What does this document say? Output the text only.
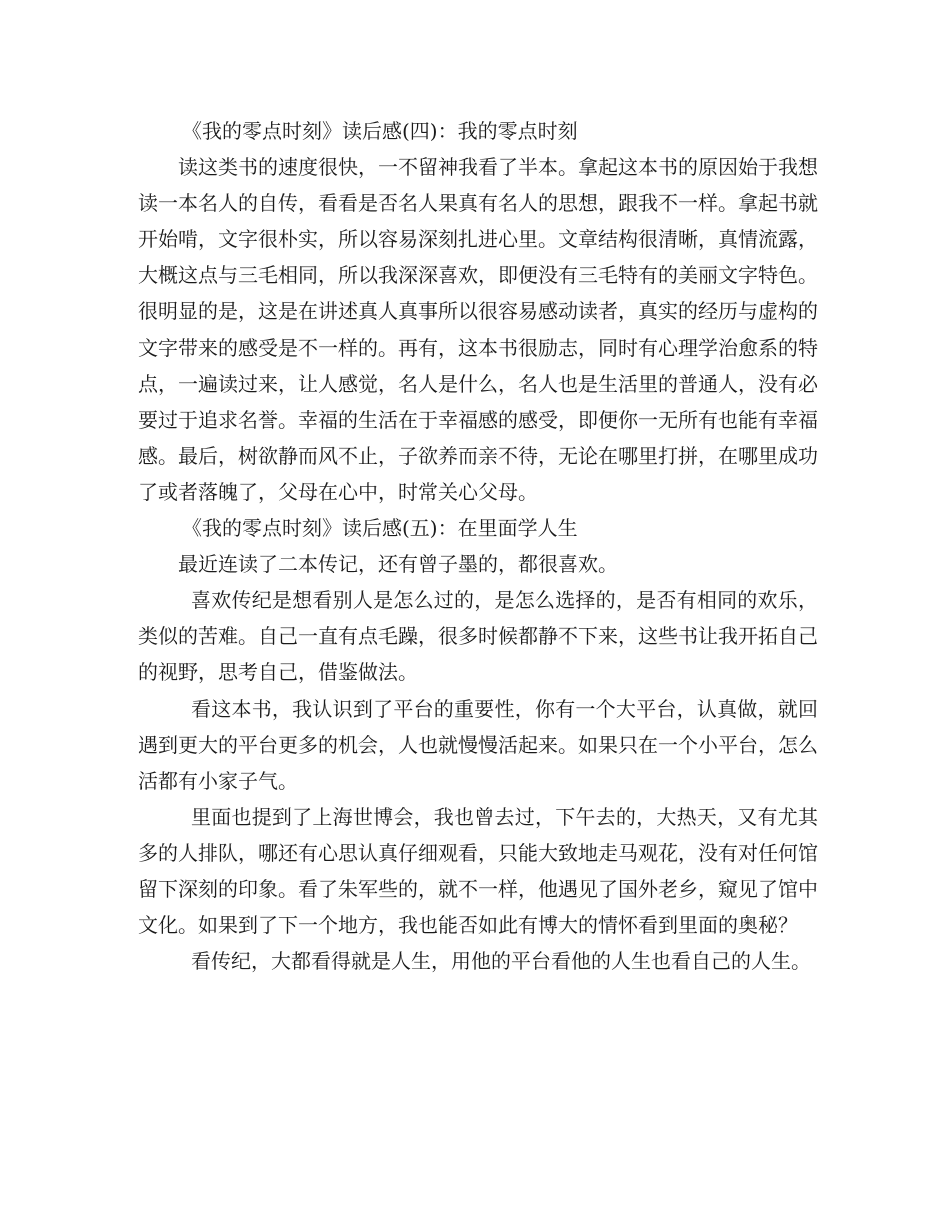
《我的零点时刻》读后感(四)：我的零点时刻

读这类书的速度很快，一不留神我看了半本。拿起这本书的原因始于我想读一本名人的自传，看看是否名人果真有名人的思想，跟我不一样。拿起书就开始啃，文字很朴实，所以容易深刻扎进心里。文章结构很清晰，真情流露，大概这点与三毛相同，所以我深深喜欢，即便没有三毛特有的美丽文字特色。很明显的是，这是在讲述真人真事所以很容易感动读者，真实的经历与虚构的文字带来的感受是不一样的。再有，这本书很励志，同时有心理学治愈系的特点，一遍读过来，让人感觉，名人是什么，名人也是生活里的普通人，没有必要过于追求名誉。幸福的生活在于幸福感的感受，即便你一无所有也能有幸福感。最后，树欲静而风不止，子欲养而亲不待，无论在哪里打拼，在哪里成功了或者落魄了，父母在心中，时常关心父母。

《我的零点时刻》读后感(五)：在里面学人生

最近连读了二本传记，还有曾子墨的，都很喜欢。

喜欢传纪是想看别人是怎么过的，是怎么选择的，是否有相同的欢乐，类似的苦难。自己一直有点毛躁，很多时候都静不下来，这些书让我开拓自己的视野，思考自己，借鉴做法。

看这本书，我认识到了平台的重要性，你有一个大平台，认真做，就回遇到更大的平台更多的机会，人也就慢慢活起来。如果只在一个小平台，怎么活都有小家子气。

里面也提到了上海世博会，我也曾去过，下午去的，大热天，又有尤其多的人排队，哪还有心思认真仔细观看，只能大致地走马观花，没有对任何馆留下深刻的印象。看了朱军些的，就不一样，他遇见了国外老乡，窥见了馆中文化。如果到了下一个地方，我也能否如此有博大的情怀看到里面的奥秘？

看传纪，大都看得就是人生，用他的平台看他的人生也看自己的人生。
